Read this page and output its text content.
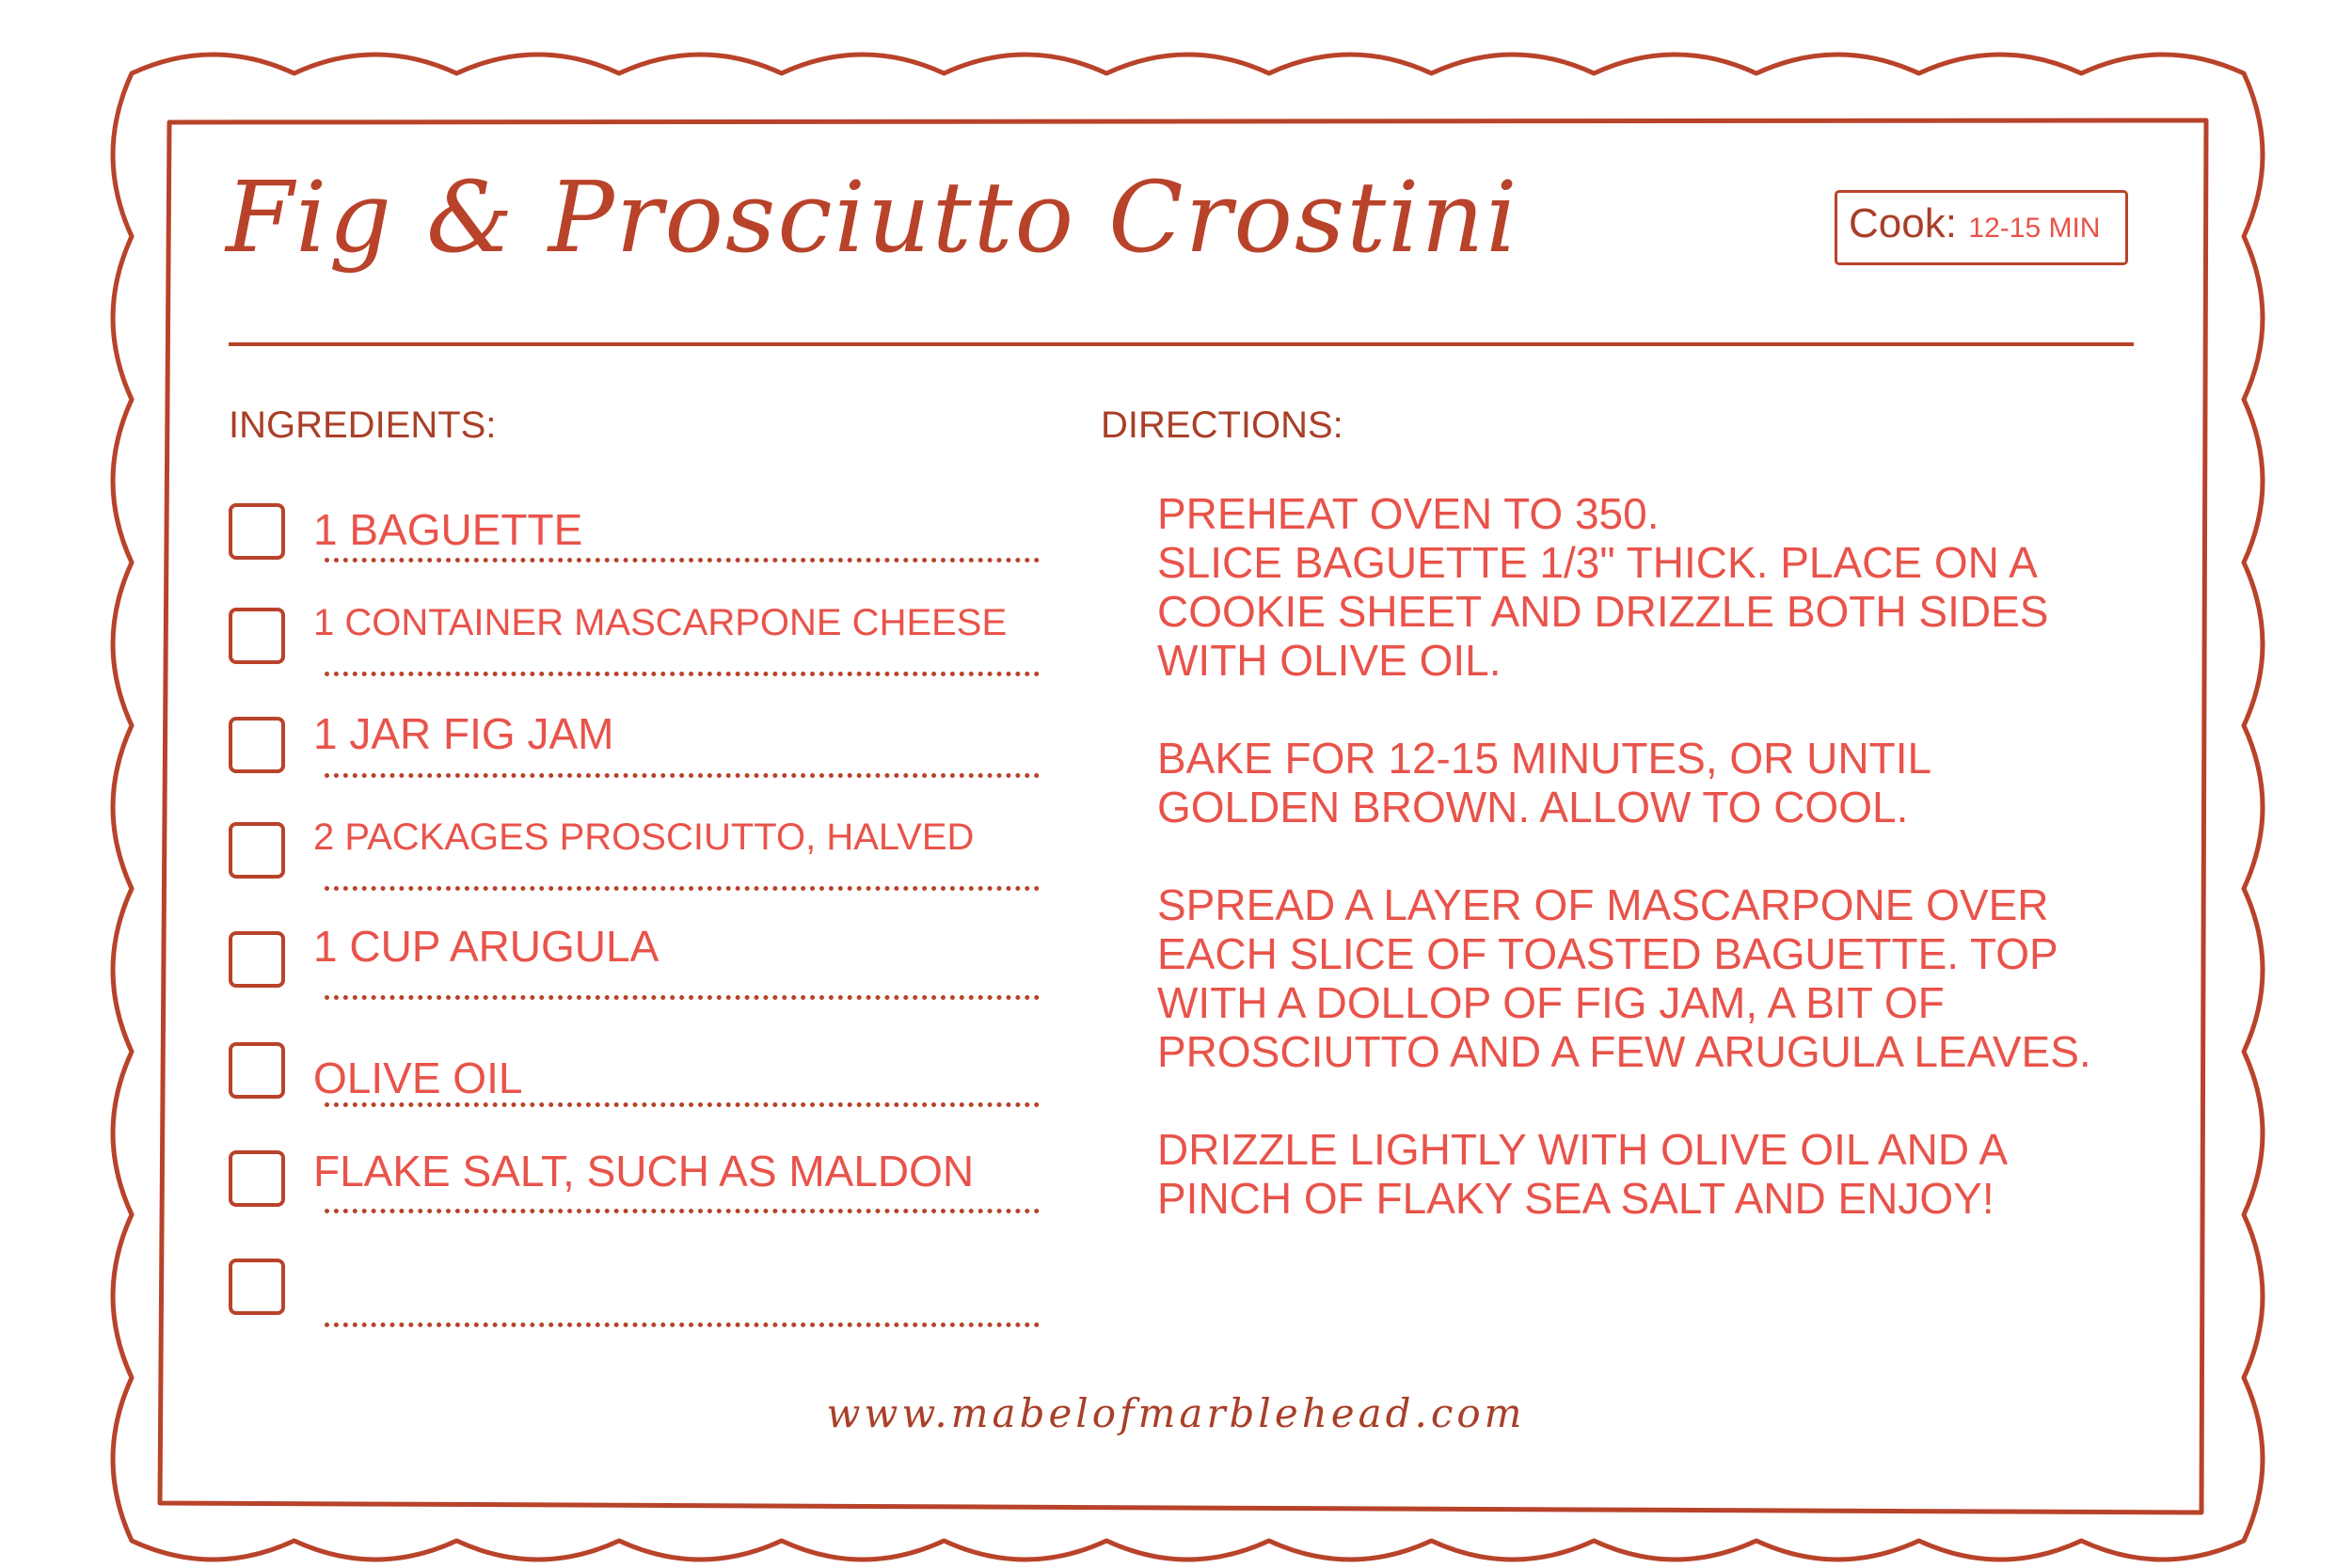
Fig & Prosciutto Crostini	Cook: 12-15 MIN
INGREDIENTS:	DIRECTIONS:
1 BAGUETTE
1 CONTAINER MASCARPONE CHEESE
1 JAR FIG JAM
2 PACKAGES PROSCIUTTO, HALVED
1 CUP ARUGULA
OLIVE OIL
FLAKE SALT, SUCH AS MALDON

PREHEAT OVEN TO 350.
SLICE BAGUETTE 1/3" THICK. PLACE ON A COOKIE SHEET AND DRIZZLE BOTH SIDES WITH OLIVE OIL.

BAKE FOR 12-15 MINUTES, OR UNTIL GOLDEN BROWN. ALLOW TO COOL.

SPREAD A LAYER OF MASCARPONE OVER EACH SLICE OF TOASTED BAGUETTE. TOP WITH A DOLLOP OF FIG JAM, A BIT OF PROSCIUTTO AND A FEW ARUGULA LEAVES.

DRIZZLE LIGHTLY WITH OLIVE OIL AND A PINCH OF FLAKY SEA SALT AND ENJOY!

www.mabelofmarblehead.com
